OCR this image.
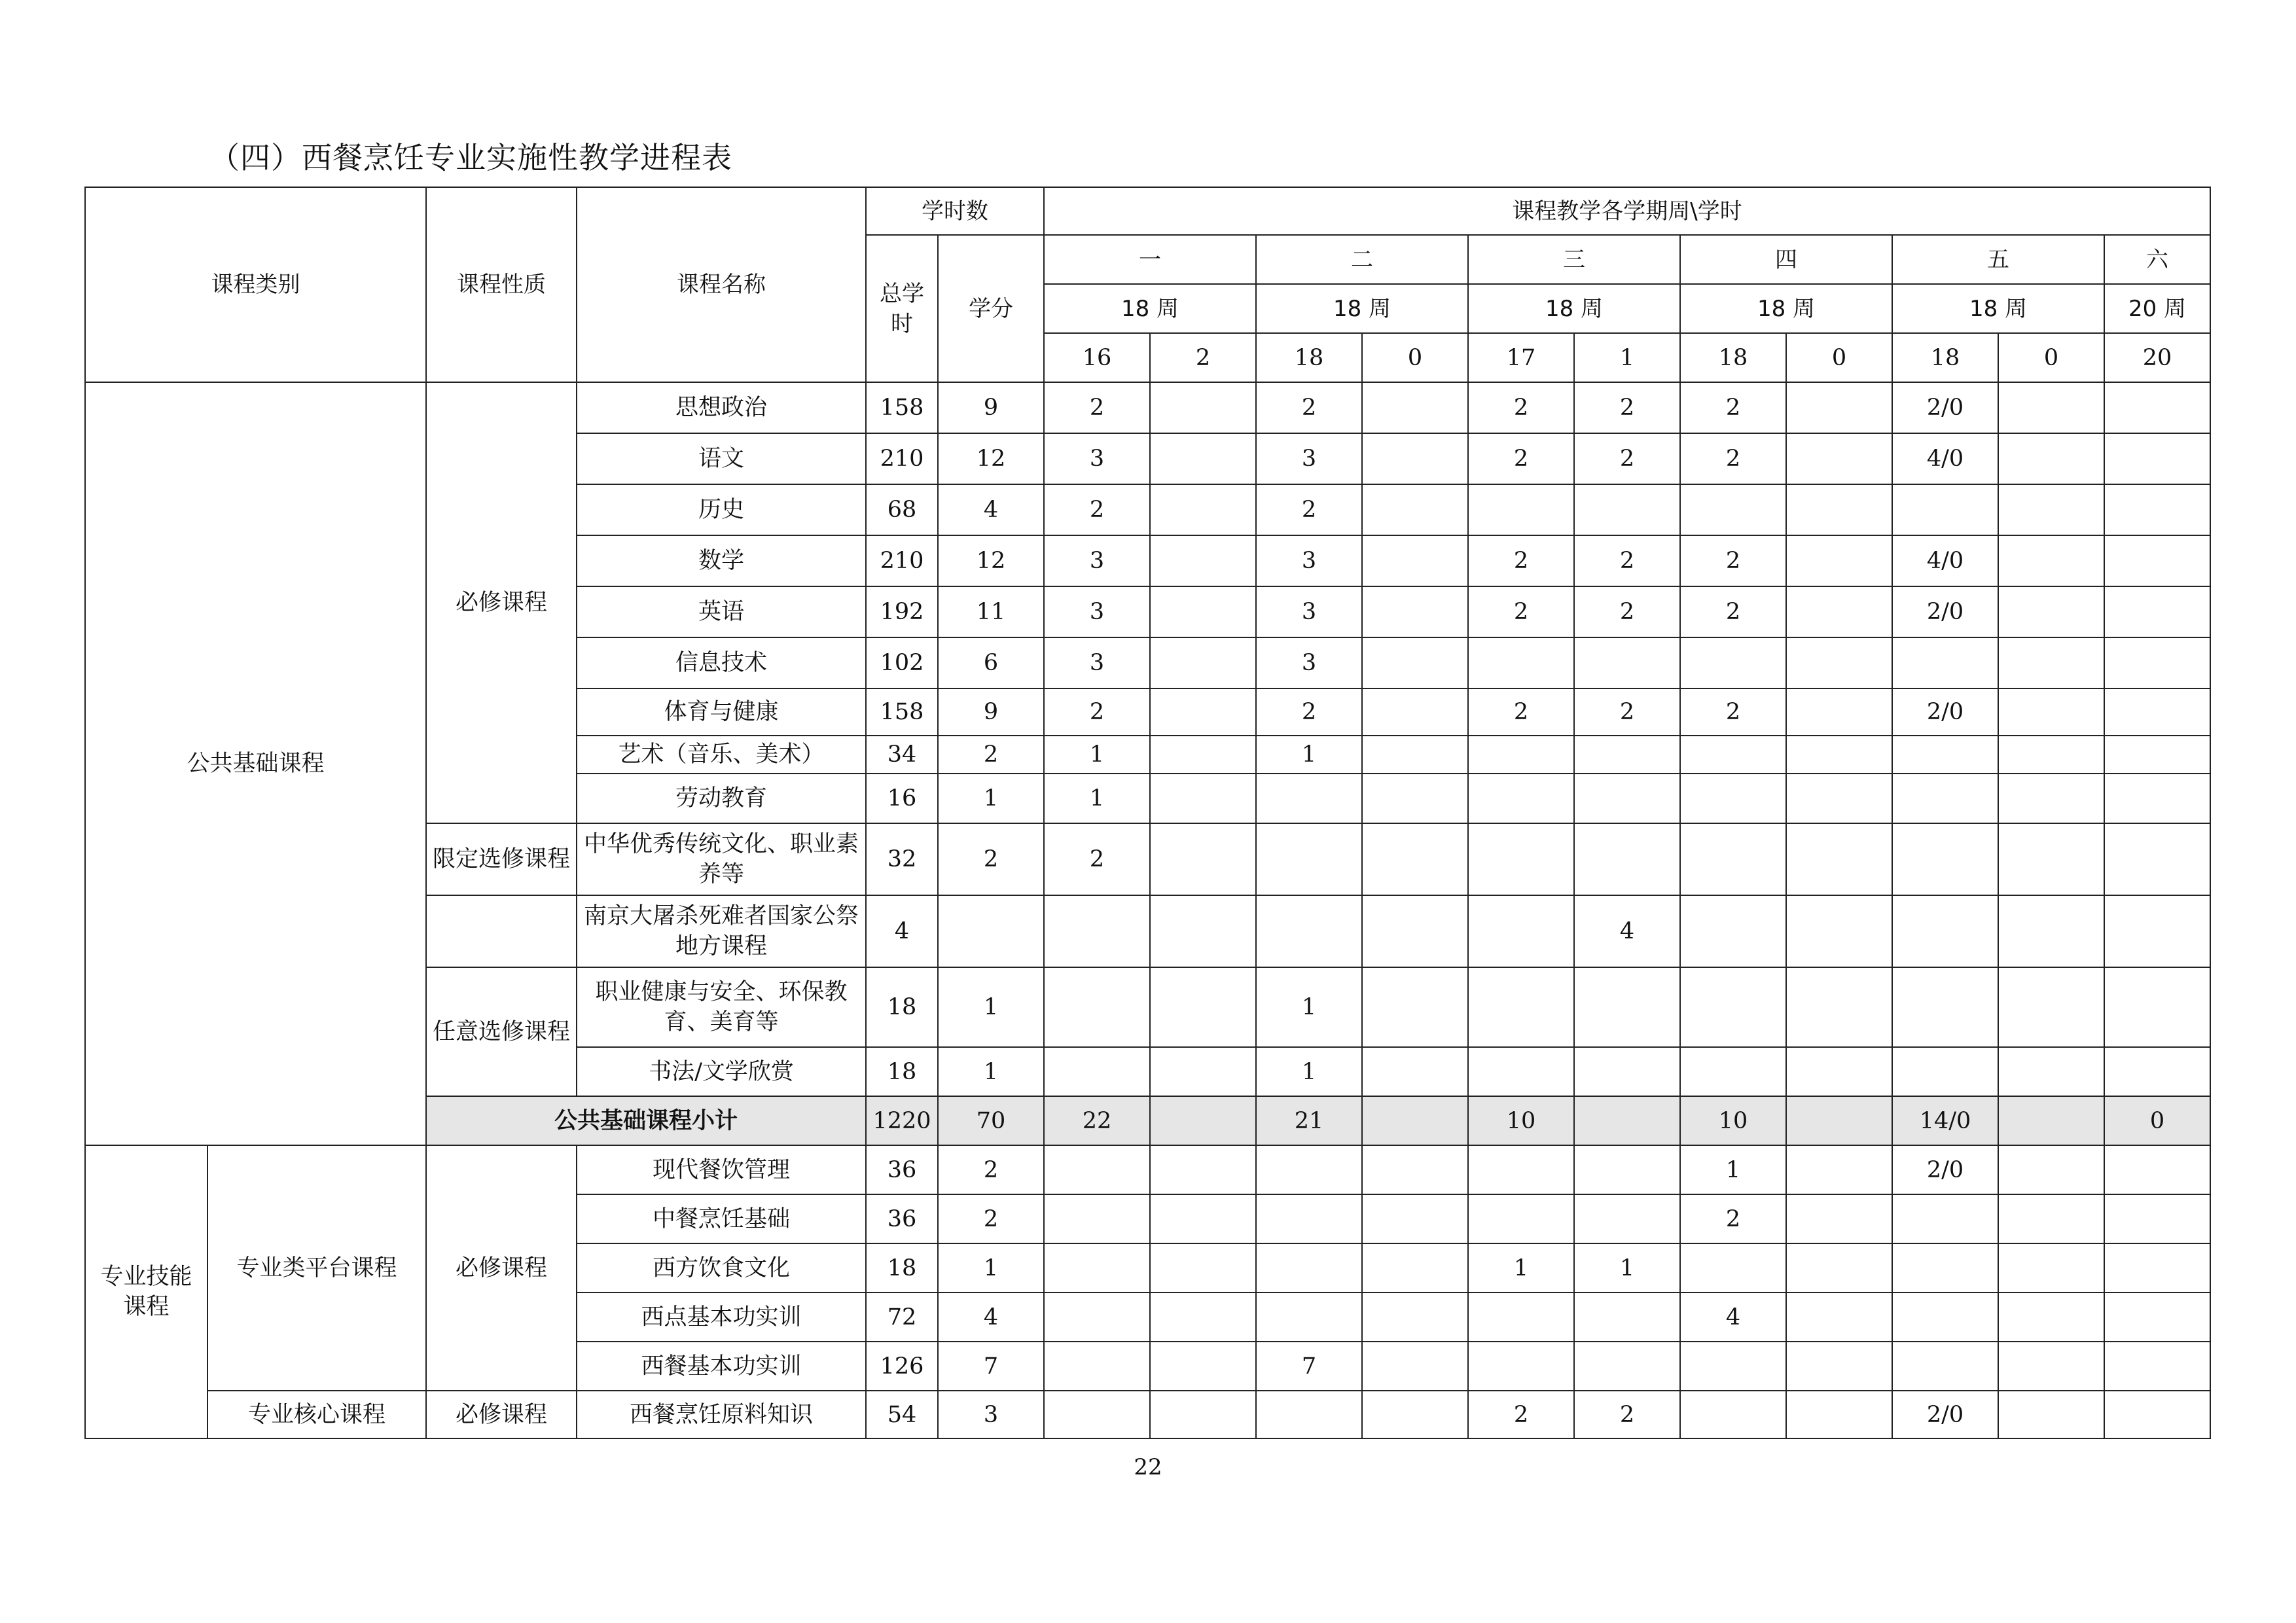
（四）西餐烹饪专业实施性教学进程表
课程类别		课程性质	课程名称	学时数		课程教学各学期周\学时										
				总学时	学分	一		二		三		四		五		六
						18 周		18 周		18 周		18 周		18 周		20 周
						16	2	18	0	17	1	18	0	18	0	20
公共基础课程		必修课程	思想政治	158	9	2		2		2	2	2		2/0		
			语文	210	12	3		3		2	2	2		4/0		
			历史	68	4	2		2								
			数学	210	12	3		3		2	2	2		4/0		
			英语	192	11	3		3		2	2	2		2/0		
			信息技术	102	6	3		3								
			体育与健康	158	9	2		2		2	2	2		2/0		
			艺术（音乐、美术）	34	2	1		1								
			劳动教育	16	1	1										
		限定选修课程	中华优秀传统文化、职业素养等	32	2	2										
			南京大屠杀死难者国家公祭地方课程	4							4					
		任意选修课程	职业健康与安全、环保教育、美育等	18	1			1								
			书法/文学欣赏	18	1			1								
		公共基础课程小计		1220	70	22		21		10		10		14/0		0
专业技能课程	专业类平台课程	必修课程	现代餐饮管理	36	2							1		2/0		
			中餐烹饪基础	36	2							2				
			西方饮食文化	18	1					1	1					
			西点基本功实训	72	4							4				
			西餐基本功实训	126	7			7								
	专业核心课程	必修课程	西餐烹饪原料知识	54	3					2	2			2/0		
22
